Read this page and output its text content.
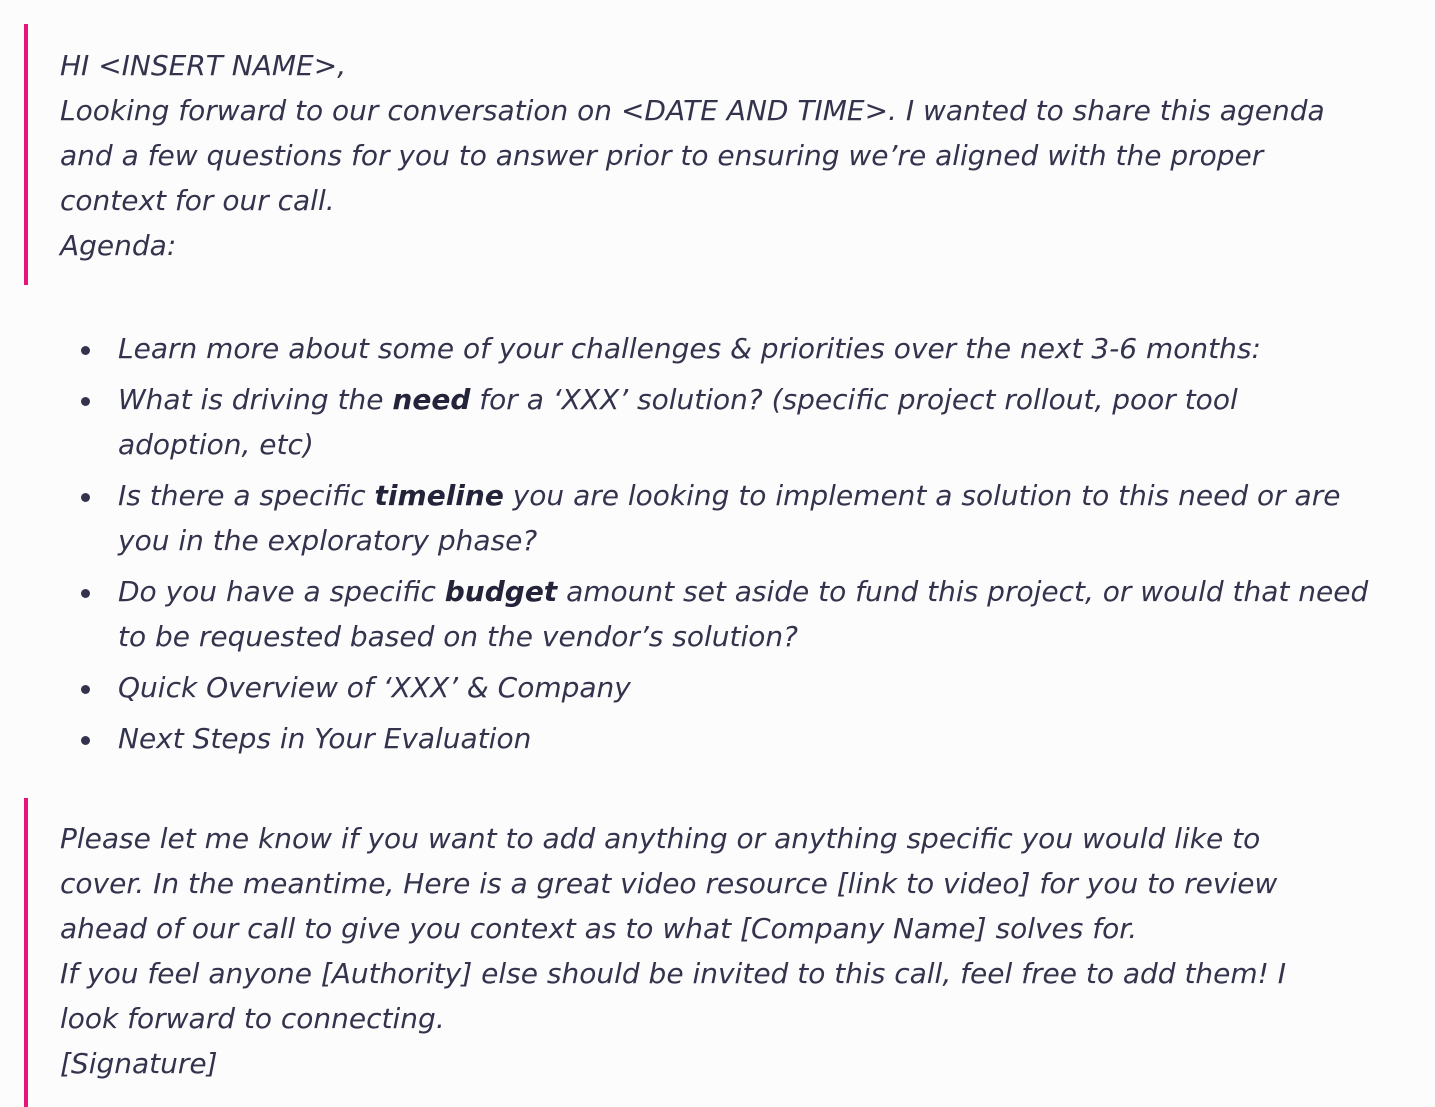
HI <INSERT NAME>,

Looking forward to our conversation on <DATE AND TIME>. I wanted to share this agenda

and a few questions for you to answer prior to ensuring we’re aligned with the proper

context for our call.

Agenda:

Learn more about some of your challenges & priorities over the next 3-6 months:
What is driving the need for a ‘XXX’ solution? (specific project rollout, poor tool
adoption, etc)
Is there a specific timeline you are looking to implement a solution to this need or are
you in the exploratory phase?
Do you have a specific budget amount set aside to fund this project, or would that need
to be requested based on the vendor’s solution?
Quick Overview of ‘XXX’ & Company
Next Steps in Your Evaluation

Please let me know if you want to add anything or anything specific you would like to

cover. In the meantime, Here is a great video resource [link to video] for you to review

ahead of our call to give you context as to what [Company Name] solves for.

If you feel anyone [Authority] else should be invited to this call, feel free to add them! I

look forward to connecting.

[Signature]
